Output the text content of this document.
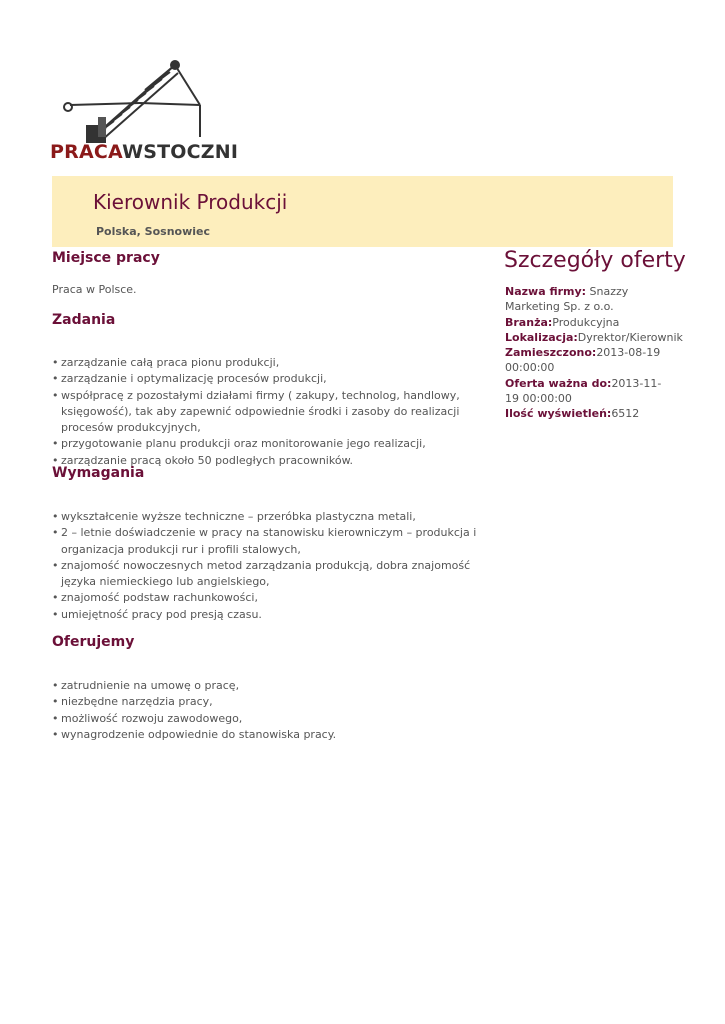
PRACAWSTOCZNI
Kierownik Produkcji
Polska, Sosnowiec
Miejsce pracy
Praca w Polsce.
Zadania
• zarządzanie całą praca pionu produkcji,
• zarządzanie i optymalizację procesów produkcji,
• współpracę z pozostałymi działami firmy ( zakupy, technolog, handlowy, księgowość), tak aby zapewnić odpowiednie środki i zasoby do realizacji procesów produkcyjnych,
• przygotowanie planu produkcji oraz monitorowanie jego realizacji,
• zarządzanie pracą około 50 podległych pracowników.
Wymagania
• wykształcenie wyższe techniczne – przeróbka plastyczna metali,
• 2 – letnie doświadczenie w pracy na stanowisku kierowniczym – produkcja i organizacja produkcji rur i profili stalowych,
• znajomość nowoczesnych metod zarządzania produkcją, dobra znajomość języka niemieckiego lub angielskiego,
• znajomość podstaw rachunkowości,
• umiejętność pracy pod presją czasu.
Oferujemy
• zatrudnienie na umowę o pracę,
• niezbędne narzędzia pracy,
• możliwość rozwoju zawodowego,
• wynagrodzenie odpowiednie do stanowiska pracy.
Szczegóły oferty

Nazwa firmy: Snazzy Marketing Sp. z o.o.

Branża:Produkcyjna

Lokalizacja:Dyrektor/Kierownik

Zamieszczono:2013-08-19 00:00:00

Oferta ważna do:2013-11-19 00:00:00

Ilość wyświetleń:6512
